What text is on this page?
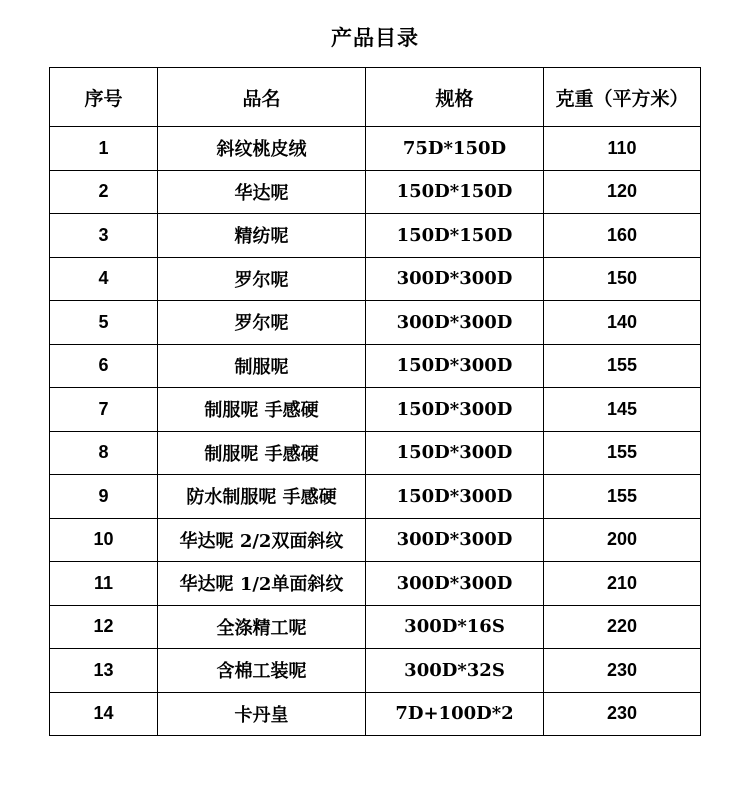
产品目录
序号	品名	规格	克重（平方米）
1	斜纹桃皮绒	75D*150D	110
2	华达呢	150D*150D	120
3	精纺呢	150D*150D	160
4	罗尔呢	300D*300D	150
5	罗尔呢	300D*300D	140
6	制服呢	150D*300D	155
7	制服呢 手感硬	150D*300D	145
8	制服呢 手感硬	150D*300D	155
9	防水制服呢 手感硬	150D*300D	155
10	华达呢 2/2双面斜纹	300D*300D	200
11	华达呢 1/2单面斜纹	300D*300D	210
12	全涤精工呢	300D*16S	220
13	含棉工装呢	300D*32S	230
14	卡丹皇	7D+100D*2	230
